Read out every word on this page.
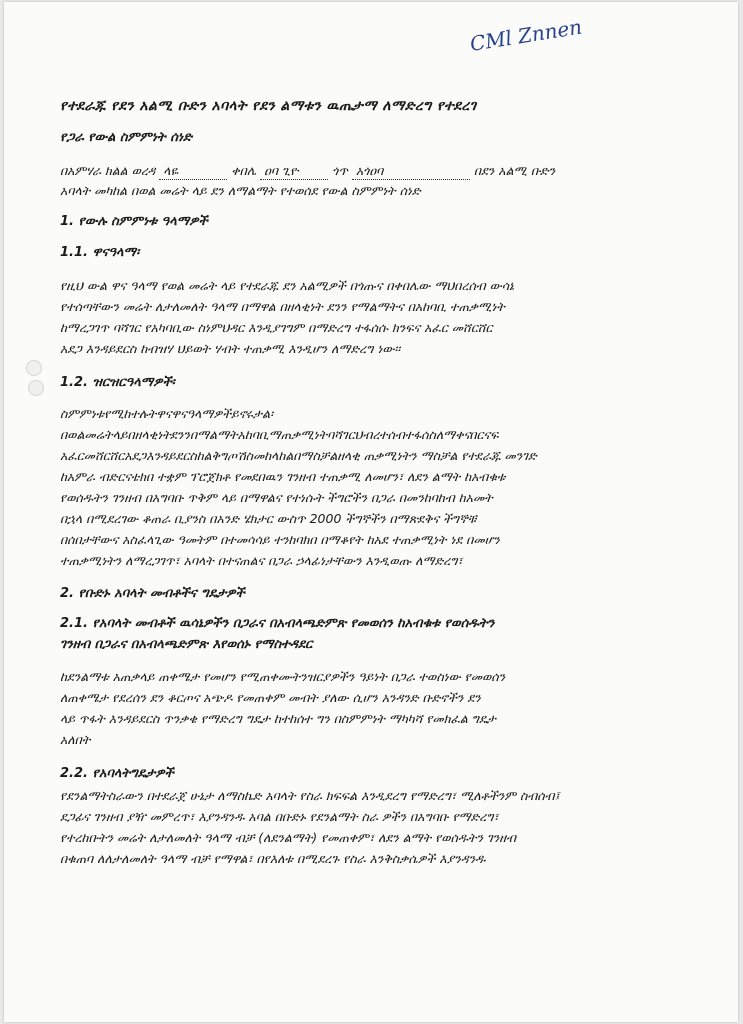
CMl Znnen
የተደራጁ የደን አልሚ ቡድን አባላት የደን ልማቱን ዉጤታማ ለማድረግ የተደረገ
የጋራ የውል ስምምነት ሰነድ
በአምሃራ ክልል ወረዳ ላዬ	ቀበሌ ዐባ ጊዮ	ጎጥ አጎዐባ	በደን አልሚ ቡድን
አባላት መካከል በወል መሬት ላይ ደን ለማልማት የተወሰደ የውል ስምምነት ሰነድ
1. የውሉ ስምምነቱ ዓላማዎች
1.1. ዋናዓላማ፡
የዚህ ውል ዋና ዓላማ የወል መሬት ላይ የተደራጁ ደን አልሚዎች በጎጡና በቀበሌው ማህበረሰብ ውሳኔ
የተሰጣቸውን መሬት ለታለመለት ዓላማ በማዋል በዘላቂነት ደንን የማልማትና በአከባቢ ተጠቃሚነት
ከማረጋገጥ ባሻገር የአካባቢው ስነምህዳር እንዲያገግም በማድረግ ተፋሰሱ ክንፍና አፈር መሸርሸር
አደጋ እንዳይደርስ ከብዝሃ ህይወት ሃብት ተጠቃሚ እንዲሆን ለማድረግ ነው።
1.2. ዝርዝርዓላማዎች፡
ስምምነቱየሚከተሉትዋናዋናዓላማዎችይኖሩታል፡
በወልመሬትላይበዘላቂነትደንንበማልማትአከባቢማጠቃሚነትባሻገርህብረተሰብተፋሰስለማቀናበርናፍ
አፈርመሸርሸርአደጋእንዳይደርስከልቅግጦሽስመከላከልበማስቻልዘላቂ ጠቃሚነትን ማስቻል የተደራጁ መንገድ
ከአምራ ብድርናቴክበ ተቋም ፕሮጀክቶ የመደበዉን ገንዘብ ተጠቃሚ ለመሆን፣ ለደን ልማት ከአብቁቱ
የወሰዱትን ገንዘብ በአግባቡ ጥቅም ላይ በማዋልና የተነሱት ችግሮችን በጋራ በመንከባከብ ከአመት
በኋላ በሚደረገው ቆጠራ ቢያንስ በአንድ ሄክታር ውስጥ 2000 ችግኞችን በማጽደቅና ችግኞቹ
በሰበታቸውና አስፈላጊው ዓመትም በተመሳሳይ ተንከባክበ በማቆየት ከአደ ተጠቃሚነት ነደ በመሆን
ተጠቃሚነትን ለማረጋገጥ፣ አባላት በተናጠልና በጋራ ኃላፊነታቸውን እንዲወጡ ለማድረግ፣
2. የቡድኑ አባላት መብቶችና ግዴታዎች
2.1. የአባላት መብቶች ዉሳኔዎችን በጋራና በአብላጫድምጽ የመወሰን ከአብቁቱ የወሰዱትን
ገንዘብ በጋራና በአብላጫድምጽ እየወሰኑ የማስተዳደር
ከደንልማቱ አጠቃላይ ጠቀሜታ የመሆን የሚጠቀሙትንዝርያዎችን ዓይነት በጋራ ተወስነው የመወሰን
ለጠቀሜታ የደረሰን ደን ቆርጦና አጭዶ የመጠቀም መብት ያለው ሲሆን አንዳንድ ቡድኖችን ደን
ላይ ጥፋት እንዳይደርስ ጥንቃቄ የማድረግ ግዴታ ከተከሰተ ግን በስምምነት ማካካሻ የመክፈል ግዴታ
አለበት
2.2. የአባላትግዴታዎች
የደንልማትስራውን በተደራጀ ሁኔታ ለማስኬድ አባላት የስራ ክፍፍል እንዲደረግ የማድረግ፣ ሚለቶችንም ስብሰብ፤
ደጋፊና ገንዘብ ያዥ መምረጥ፣ እያንዳንዱ አባል በቡድኑ የደንልማት ስራ ዎችን በአግባቡ የማድረግ፣
የተረከቡትን መሬት ለታለመለት ዓላማ ብቻ (ለደንልማት) የመጠቀም፣ ለደን ልማት የወሰዱትን ገንዘብ
በቁጠባ ለለታለመለት ዓላማ ብቻ የማዋል፣ በየእለቱ በሚደረጉ የስራ እንቅስቃሴዎች እያንዳንዱ
